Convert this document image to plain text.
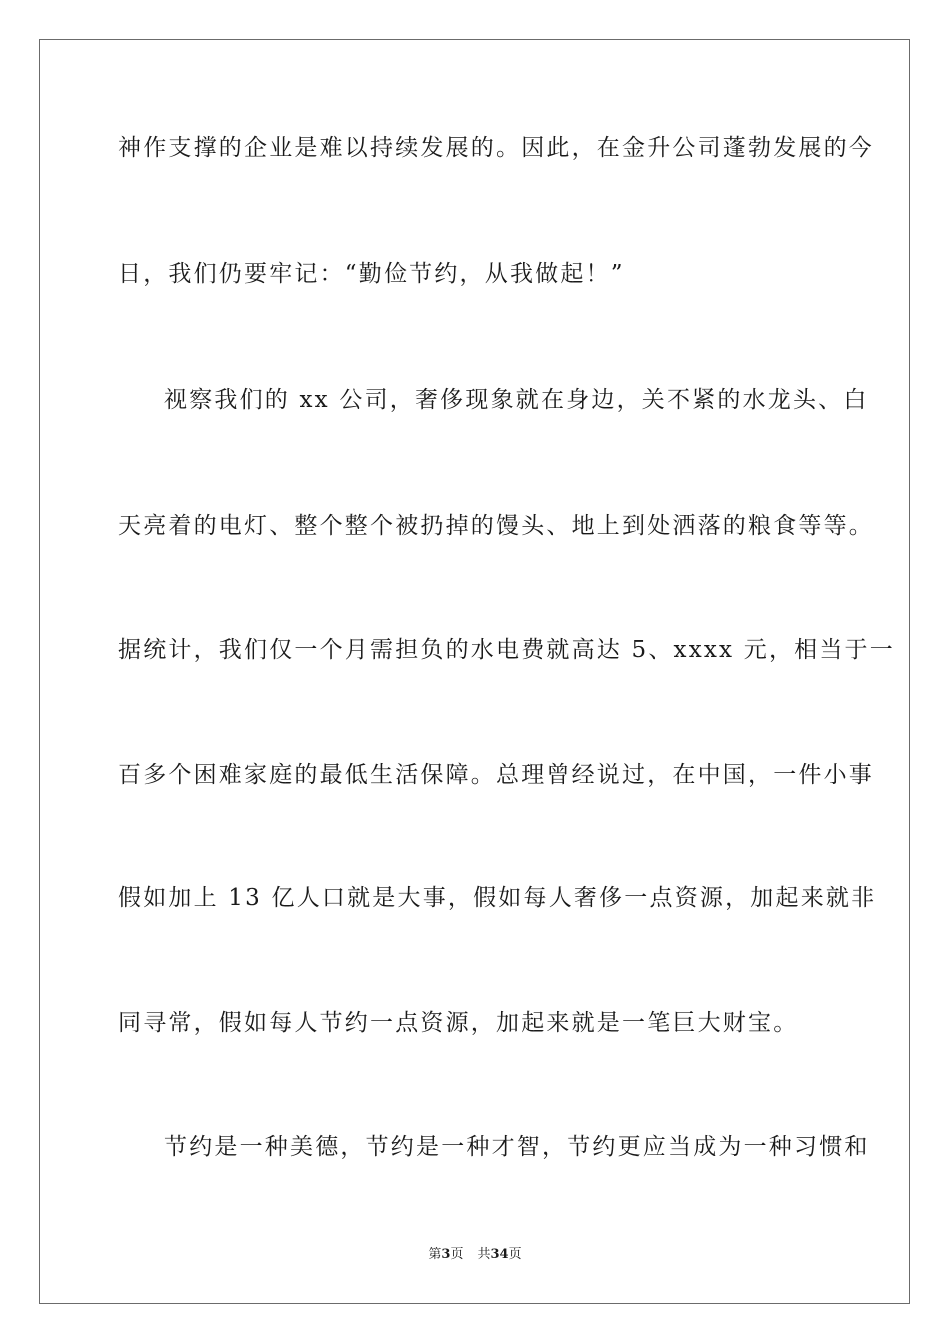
神作支撑的企业是难以持续发展的。因此，在金升公司蓬勃发展的今
日，我们仍要牢记：“勤俭节约，从我做起！”
视察我们的 xx 公司，奢侈现象就在身边，关不紧的水龙头、白
天亮着的电灯、整个整个被扔掉的馒头、地上到处洒落的粮食等等。
据统计，我们仅一个月需担负的水电费就高达 5、xxxx 元，相当于一
百多个困难家庭的最低生活保障。总理曾经说过，在中国，一件小事
假如加上 13 亿人口就是大事，假如每人奢侈一点资源，加起来就非
同寻常，假如每人节约一点资源，加起来就是一笔巨大财宝。
节约是一种美德，节约是一种才智，节约更应当成为一种习惯和
第3页 共34页
